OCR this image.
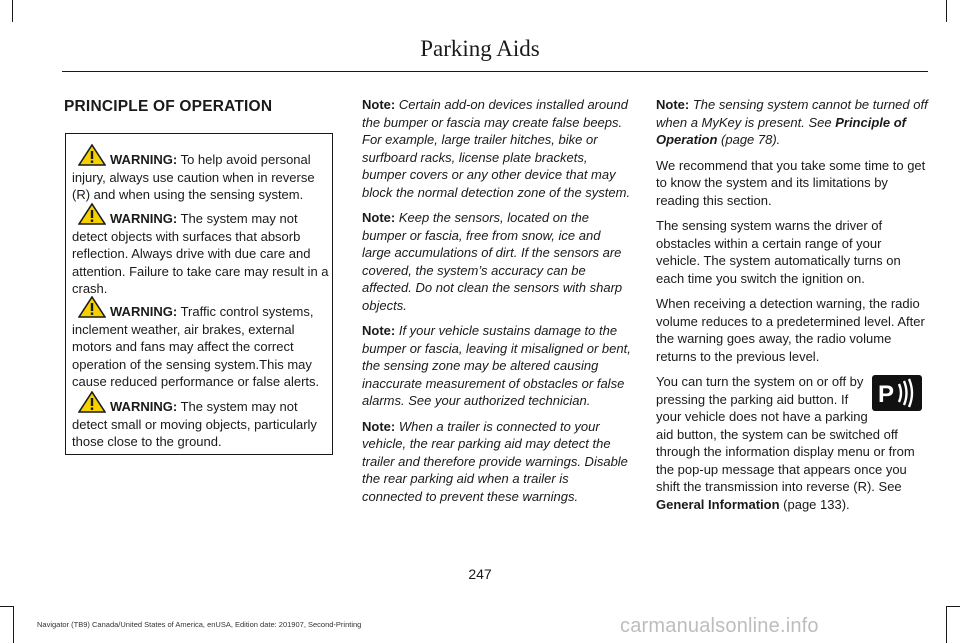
Parking Aids
PRINCIPLE OF OPERATION
WARNING: To help avoid personal injury, always use caution when in reverse (R) and when using the sensing system.
WARNING: The system may not detect objects with surfaces that absorb reflection. Always drive with due care and attention. Failure to take care may result in a crash.
WARNING: Traffic control systems, inclement weather, air brakes, external motors and fans may affect the correct operation of the sensing system.This may cause reduced performance or false alerts.
WARNING: The system may not detect small or moving objects, particularly those close to the ground.

Note: Certain add-on devices installed around the bumper or fascia may create false beeps. For example, large trailer hitches, bike or surfboard racks, license plate brackets, bumper covers or any other device that may block the normal detection zone of the system.

Note: Keep the sensors, located on the bumper or fascia, free from snow, ice and large accumulations of dirt. If the sensors are covered, the system’s accuracy can be affected. Do not clean the sensors with sharp objects.

Note: If your vehicle sustains damage to the bumper or fascia, leaving it misaligned or bent, the sensing zone may be altered causing inaccurate measurement of obstacles or false alarms. See your authorized technician.

Note: When a trailer is connected to your vehicle, the rear parking aid may detect the trailer and therefore provide warnings. Disable the rear parking aid when a trailer is connected to prevent these warnings.

Note: The sensing system cannot be turned off when a MyKey is present. See Principle of Operation (page 78).

We recommend that you take some time to get to know the system and its limitations by reading this section.

The sensing system warns the driver of obstacles within a certain range of your vehicle. The system automatically turns on each time you switch the ignition on.

When receiving a detection warning, the radio volume reduces to a predetermined level. After the warning goes away, the radio volume returns to the previous level.

P
You can turn the system on or off by pressing the parking aid button. If your vehicle does not have a parking aid button, the system can be switched off through the information display menu or from the pop-up message that appears once you shift the transmission into reverse (R). See General Information (page 133).

247
Navigator (TB9) Canada/United States of America, enUSA, Edition date: 201907, Second-Printing	carmanualsonline.info
